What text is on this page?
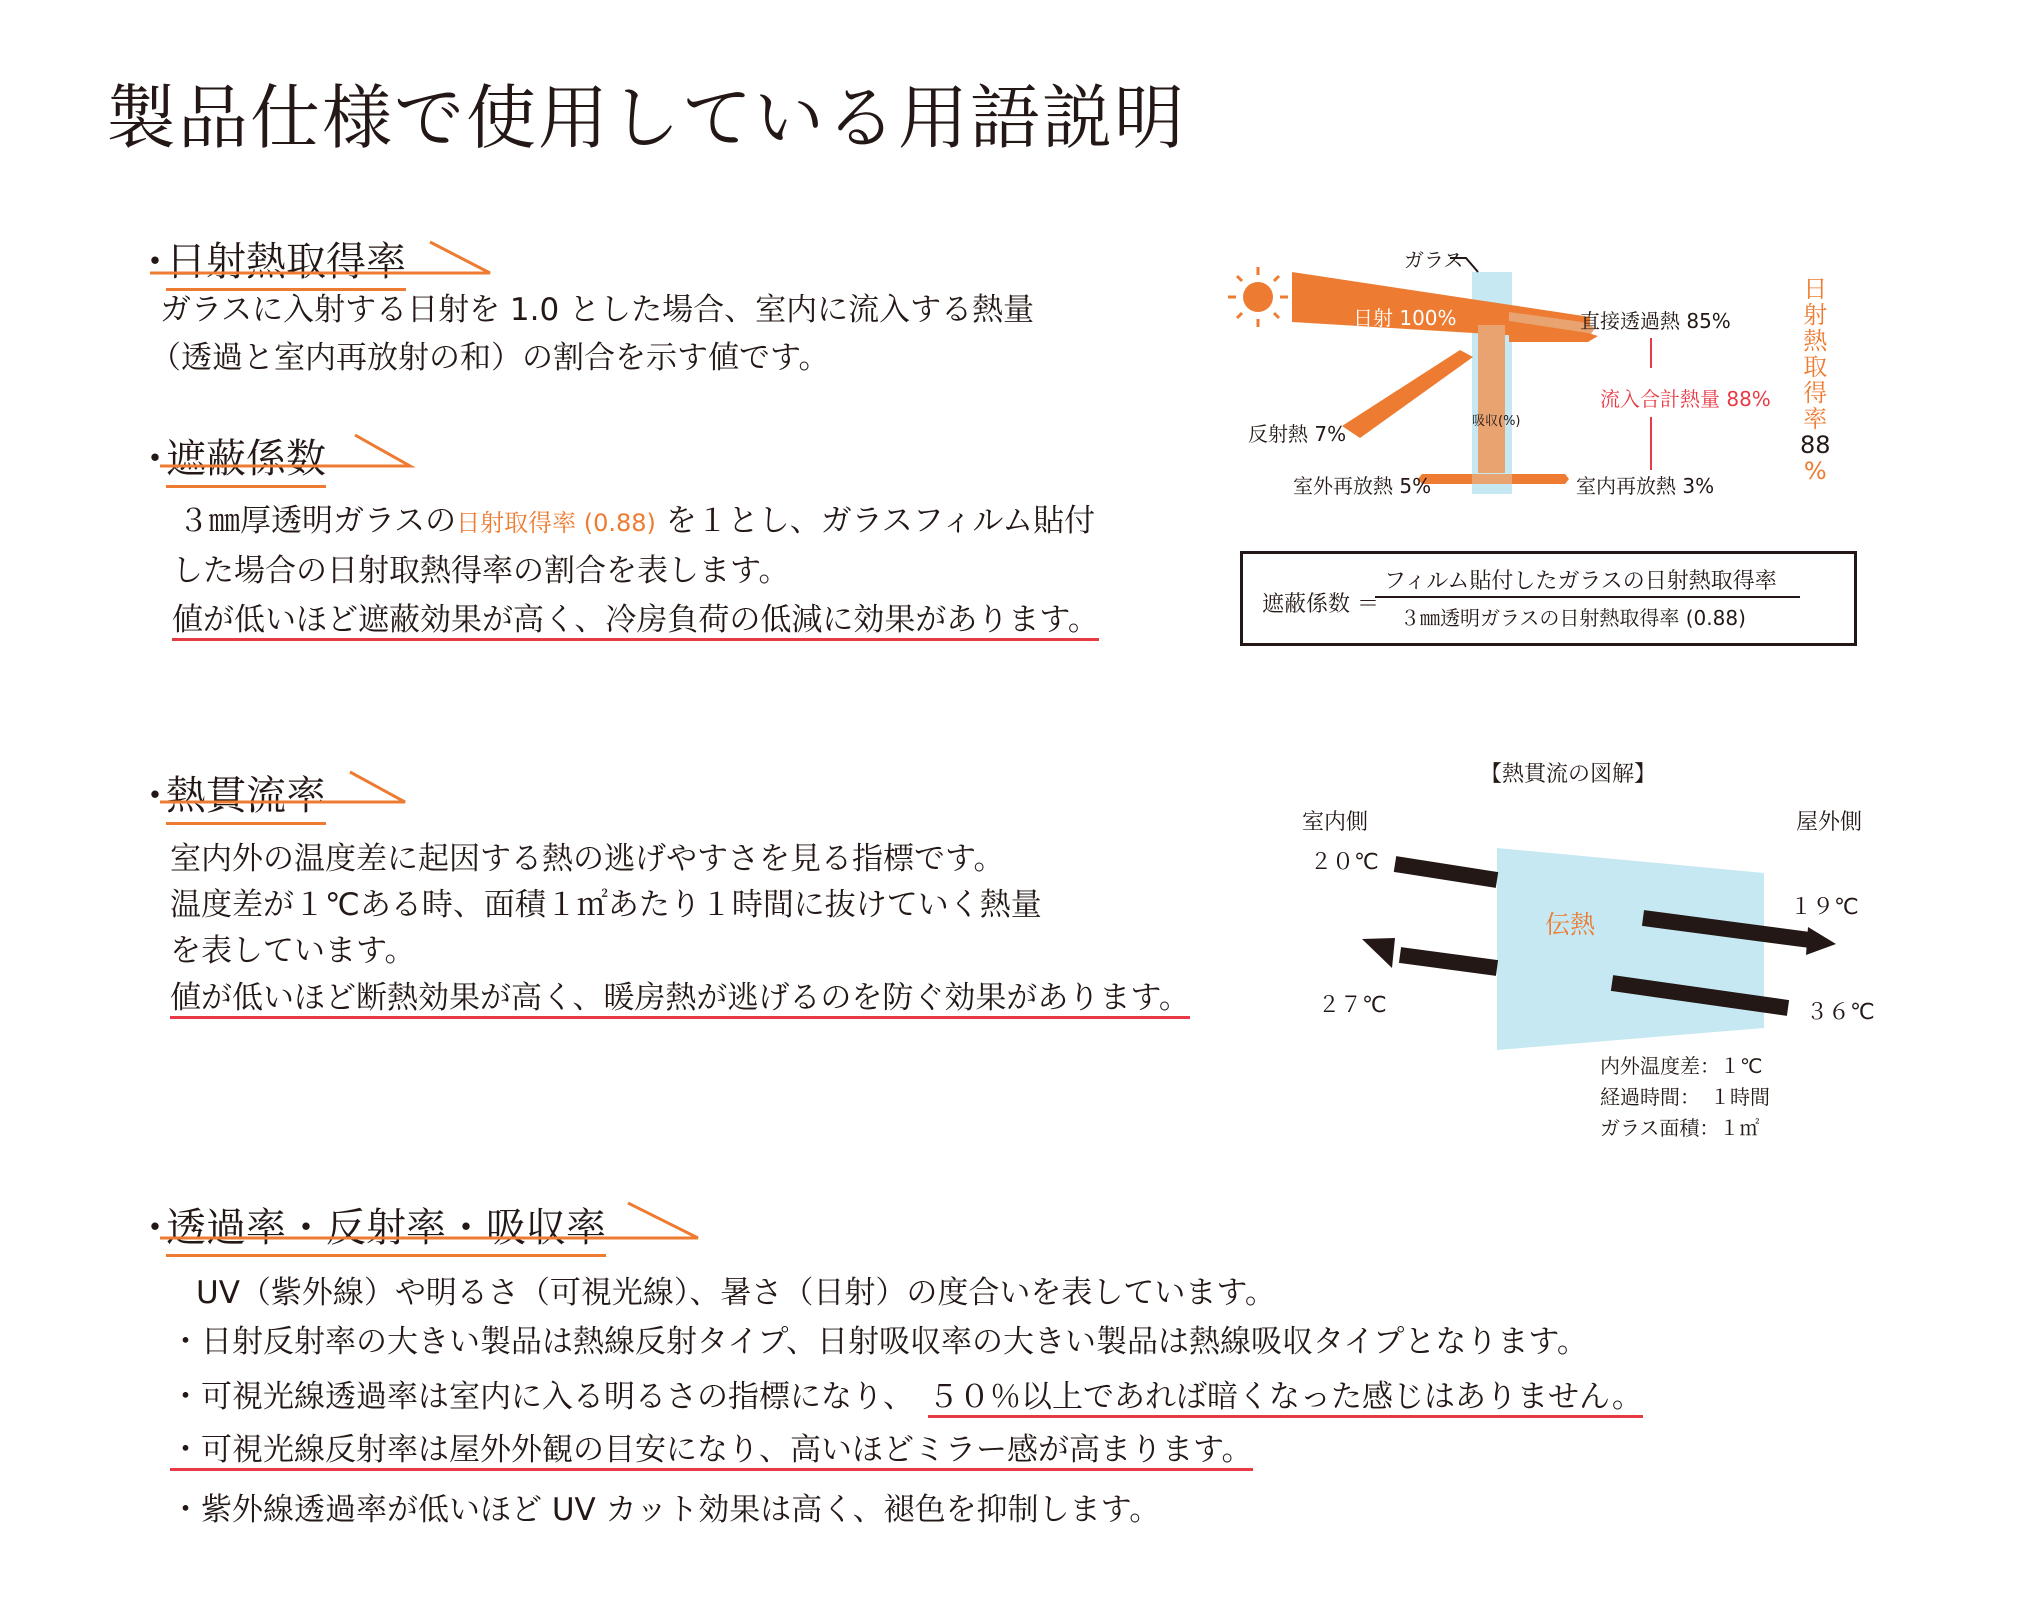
製品仕様で使用している用語説明
・
日射熱取得率
ガラスに入射する日射を 1.0 とした場合、室内に流入する熱量
（透過と室内再放射の和）の割合を示す値です。
・
遮蔽係数
３㎜厚透明ガラスの日射取得率 (0.88) を１とし、ガラスフィルム貼付
した場合の日射取熱得率の割合を表します。
値が低いほど遮蔽効果が高く、冷房負荷の低減に効果があります。
・
熱貫流率
室内外の温度差に起因する熱の逃げやすさを見る指標です。
温度差が１℃ある時、面積１㎡あたり１時間に抜けていく熱量
を表しています。
値が低いほど断熱効果が高く、暖房熱が逃げるのを防ぐ効果があります。
・
透過率・反射率・吸収率
UV（紫外線）や明るさ（可視光線）、暑さ（日射）の度合いを表しています。
・日射反射率の大きい製品は熱線反射タイプ、日射吸収率の大きい製品は熱線吸収タイプとなります。
・可視光線透過率は室内に入る明るさの指標になり、 ５０％以上であれば暗くなった感じはありません。
・可視光線反射率は屋外外観の目安になり、高いほどミラー感が高まります。
・紫外線透過率が低いほど UV カット効果は高く、褪色を抑制します。
ガラス
日射 100%	直接透過熱 85%
流入合計熱量 88%
反射熱 7%
吸収(%)
室外再放熱 5%	室内再放熱 3%
日
射
熱
取
得
率
88
%
遮蔽係数 ＝
フィルム貼付したガラスの日射熱取得率
３㎜透明ガラスの日射熱取得率 (0.88)
【熱貫流の図解】
室内側	屋外側
２０℃
２７℃
１９℃
３６℃
伝熱
内外温度差：１℃
経過時間：　１時間
ガラス面積：１㎡
